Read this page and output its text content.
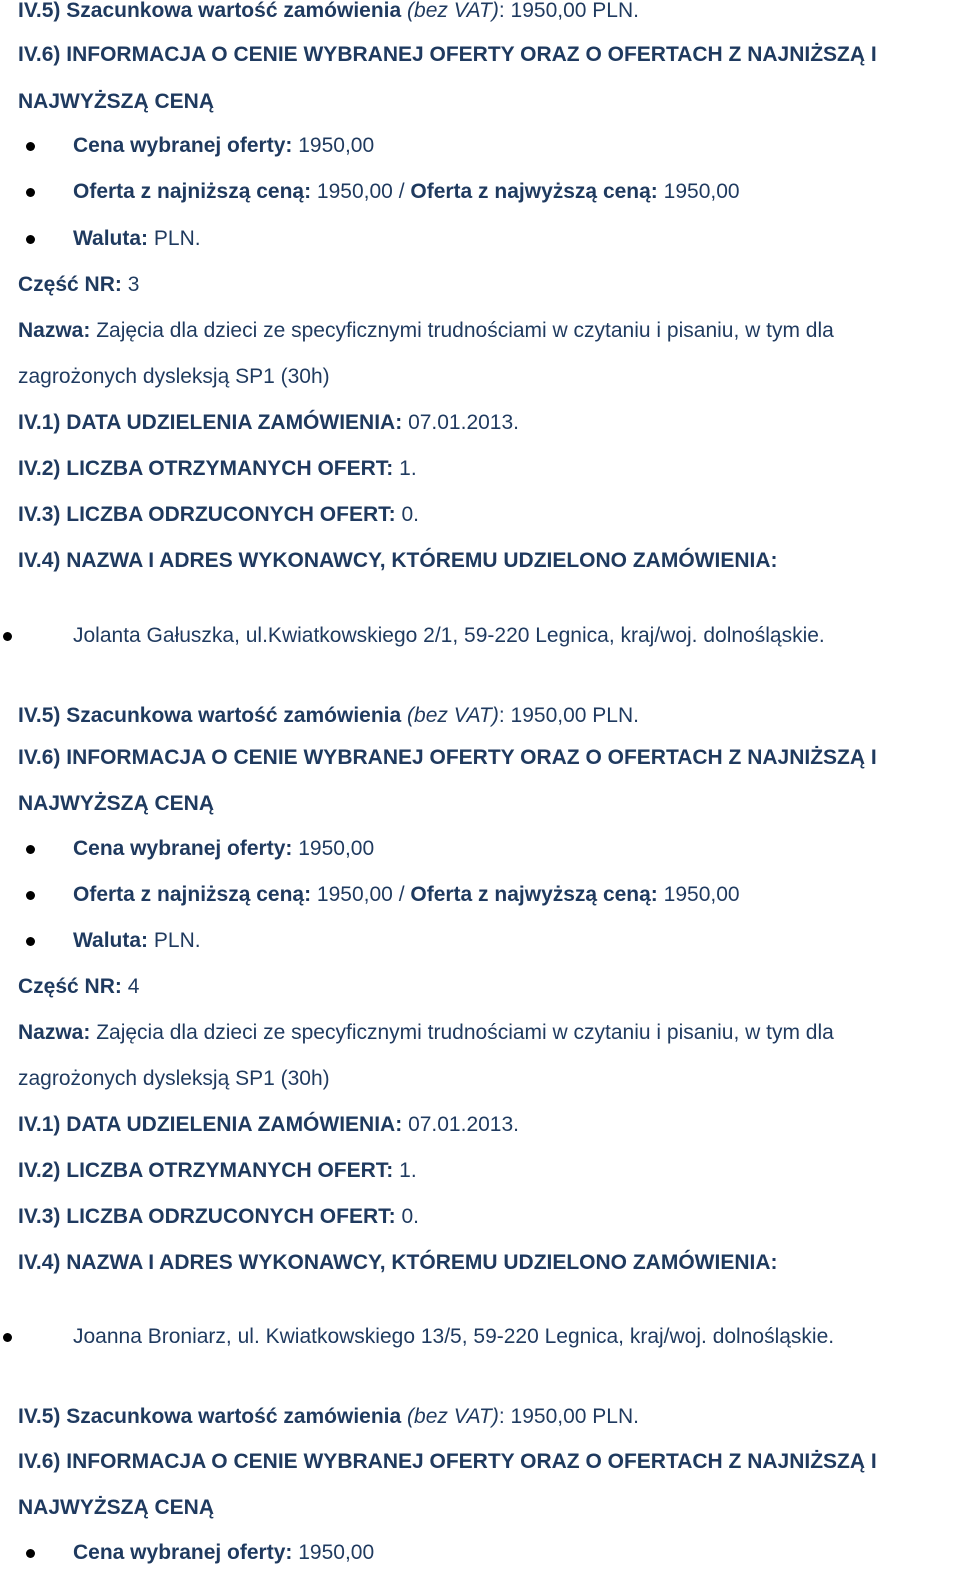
IV.5) Szacunkowa wartość zamówienia (bez VAT): 1950,00 PLN.
IV.6) INFORMACJA O CENIE WYBRANEJ OFERTY ORAZ O OFERTACH Z NAJNIŻSZĄ I
NAJWYŻSZĄ CENĄ
Cena wybranej oferty: 1950,00
Oferta z najniższą ceną: 1950,00 / Oferta z najwyższą ceną: 1950,00
Waluta: PLN.
Część NR: 3
Nazwa: Zajęcia dla dzieci ze specyficznymi trudnościami w czytaniu i pisaniu, w tym dla
zagrożonych dysleksją SP1 (30h)
IV.1) DATA UDZIELENIA ZAMÓWIENIA: 07.01.2013.
IV.2) LICZBA OTRZYMANYCH OFERT: 1.
IV.3) LICZBA ODRZUCONYCH OFERT: 0.
IV.4) NAZWA I ADRES WYKONAWCY, KTÓREMU UDZIELONO ZAMÓWIENIA:
Jolanta Gałuszka, ul.Kwiatkowskiego 2/1, 59-220 Legnica, kraj/woj. dolnośląskie.
IV.5) Szacunkowa wartość zamówienia (bez VAT): 1950,00 PLN.
IV.6) INFORMACJA O CENIE WYBRANEJ OFERTY ORAZ O OFERTACH Z NAJNIŻSZĄ I
NAJWYŻSZĄ CENĄ
Cena wybranej oferty: 1950,00
Oferta z najniższą ceną: 1950,00 / Oferta z najwyższą ceną: 1950,00
Waluta: PLN.
Część NR: 4
Nazwa: Zajęcia dla dzieci ze specyficznymi trudnościami w czytaniu i pisaniu, w tym dla
zagrożonych dysleksją SP1 (30h)
IV.1) DATA UDZIELENIA ZAMÓWIENIA: 07.01.2013.
IV.2) LICZBA OTRZYMANYCH OFERT: 1.
IV.3) LICZBA ODRZUCONYCH OFERT: 0.
IV.4) NAZWA I ADRES WYKONAWCY, KTÓREMU UDZIELONO ZAMÓWIENIA:
Joanna Broniarz, ul. Kwiatkowskiego 13/5, 59-220 Legnica, kraj/woj. dolnośląskie.
IV.5) Szacunkowa wartość zamówienia (bez VAT): 1950,00 PLN.
IV.6) INFORMACJA O CENIE WYBRANEJ OFERTY ORAZ O OFERTACH Z NAJNIŻSZĄ I
NAJWYŻSZĄ CENĄ
Cena wybranej oferty: 1950,00
